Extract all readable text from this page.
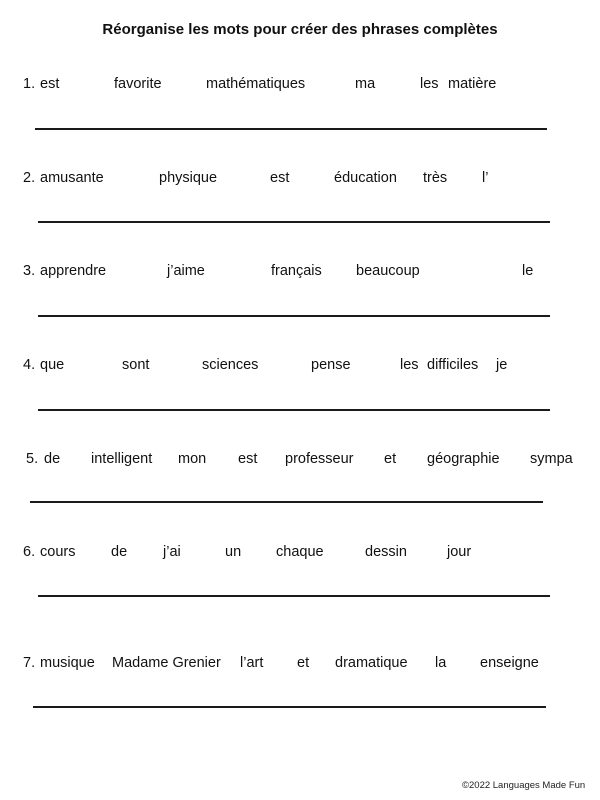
Réorganise les mots pour créer des phrases complètes
1. est	favorite	mathématiques	ma	les matière
2. amusante	physique	est	éducation très l’
3. apprendre	j’aime	français beaucoup	le
4. que	sont	sciences	pense	les difficiles je
5. de intelligent mon est professeur et géographie sympa
6. cours de j’ai	un chaque	dessin	jour
7. musique Madame Grenier l’art et dramatique la enseigne
©2022 Languages Made Fun
